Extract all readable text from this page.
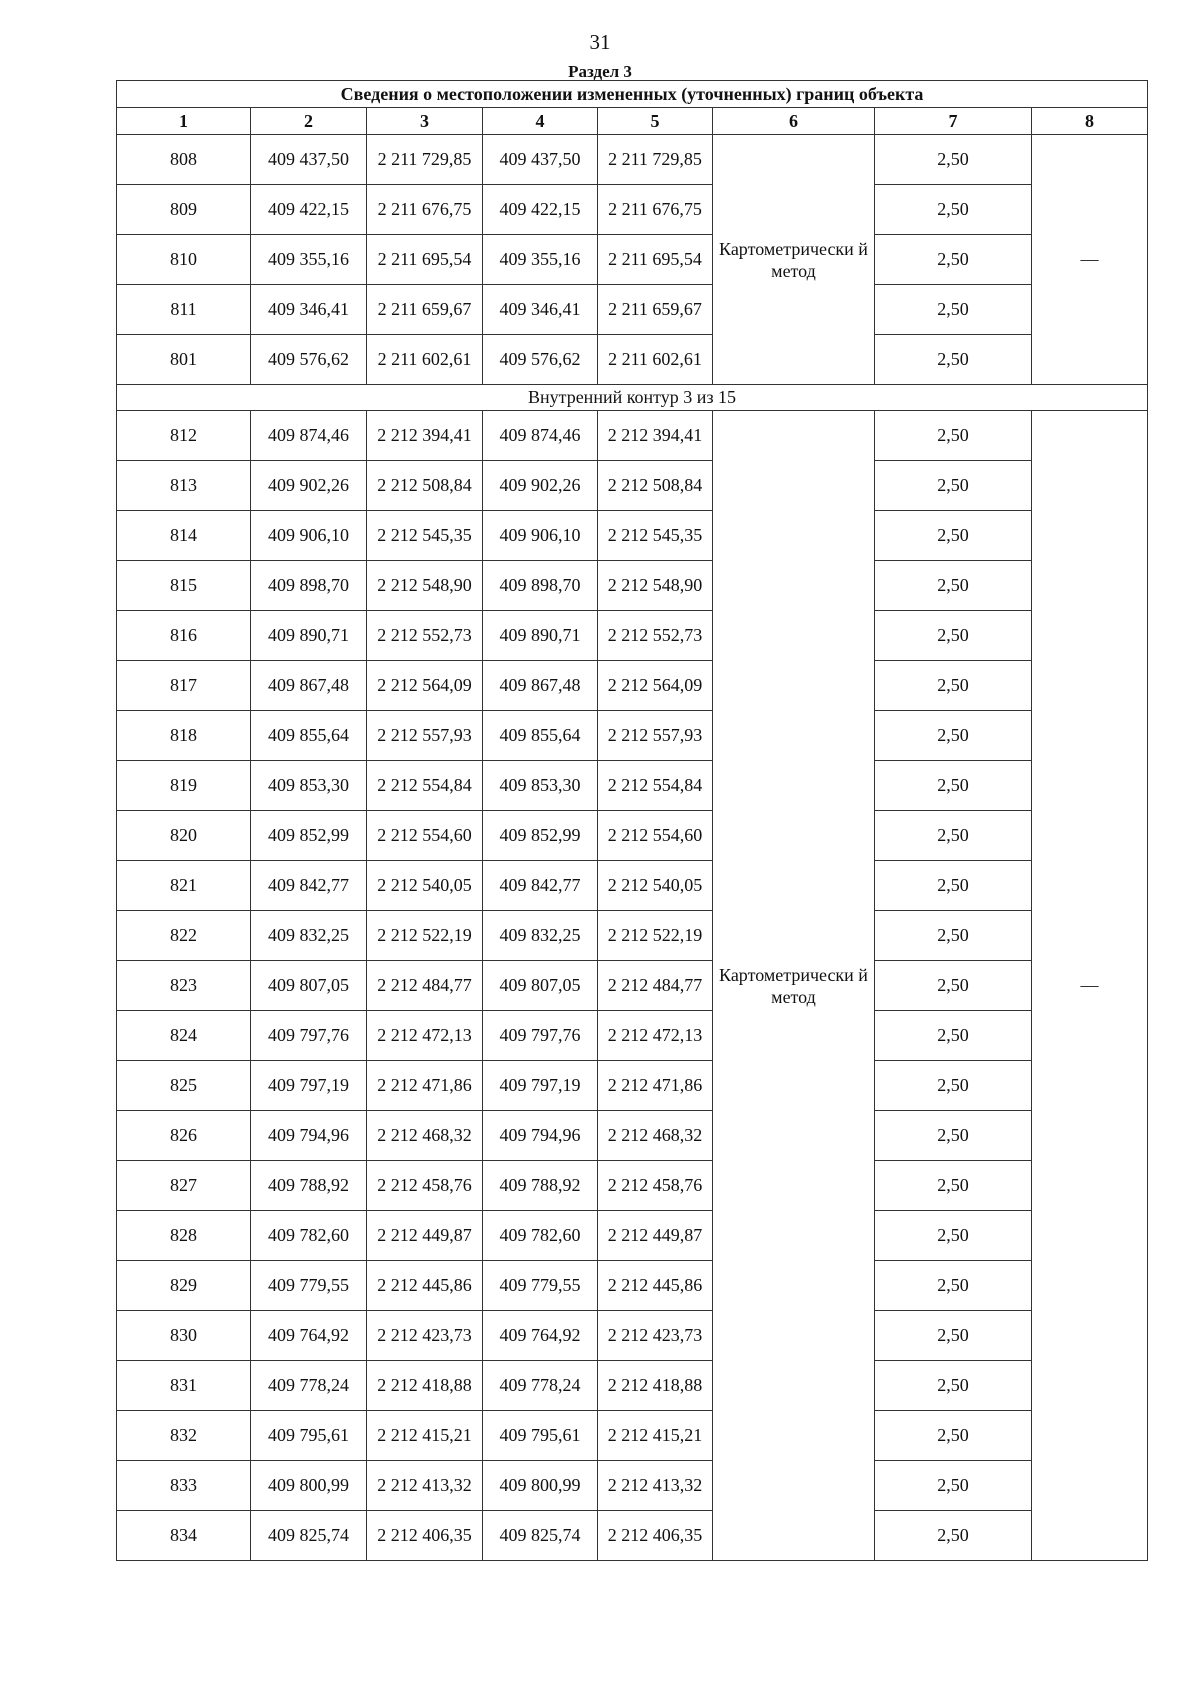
31
Раздел 3
Сведения о местоположении измененных (уточненных) границ объекта							
1	2	3	4	5	6	7	8
808	409 437,50	2 211 729,85	409 437,50	2 211 729,85	Картометрически й метод	2,50	—
809	409 422,15	2 211 676,75	409 422,15	2 211 676,75		2,50	
810	409 355,16	2 211 695,54	409 355,16	2 211 695,54		2,50	
811	409 346,41	2 211 659,67	409 346,41	2 211 659,67		2,50	
801	409 576,62	2 211 602,61	409 576,62	2 211 602,61		2,50	
Внутренний контур 3 из 15							
812	409 874,46	2 212 394,41	409 874,46	2 212 394,41	Картометрически й метод	2,50	—
813	409 902,26	2 212 508,84	409 902,26	2 212 508,84		2,50	
814	409 906,10	2 212 545,35	409 906,10	2 212 545,35		2,50	
815	409 898,70	2 212 548,90	409 898,70	2 212 548,90		2,50	
816	409 890,71	2 212 552,73	409 890,71	2 212 552,73		2,50	
817	409 867,48	2 212 564,09	409 867,48	2 212 564,09		2,50	
818	409 855,64	2 212 557,93	409 855,64	2 212 557,93		2,50	
819	409 853,30	2 212 554,84	409 853,30	2 212 554,84		2,50	
820	409 852,99	2 212 554,60	409 852,99	2 212 554,60		2,50	
821	409 842,77	2 212 540,05	409 842,77	2 212 540,05		2,50	
822	409 832,25	2 212 522,19	409 832,25	2 212 522,19		2,50	
823	409 807,05	2 212 484,77	409 807,05	2 212 484,77		2,50	
824	409 797,76	2 212 472,13	409 797,76	2 212 472,13		2,50	
825	409 797,19	2 212 471,86	409 797,19	2 212 471,86		2,50	
826	409 794,96	2 212 468,32	409 794,96	2 212 468,32		2,50	
827	409 788,92	2 212 458,76	409 788,92	2 212 458,76		2,50	
828	409 782,60	2 212 449,87	409 782,60	2 212 449,87		2,50	
829	409 779,55	2 212 445,86	409 779,55	2 212 445,86		2,50	
830	409 764,92	2 212 423,73	409 764,92	2 212 423,73		2,50	
831	409 778,24	2 212 418,88	409 778,24	2 212 418,88		2,50	
832	409 795,61	2 212 415,21	409 795,61	2 212 415,21		2,50	
833	409 800,99	2 212 413,32	409 800,99	2 212 413,32		2,50	
834	409 825,74	2 212 406,35	409 825,74	2 212 406,35		2,50	
